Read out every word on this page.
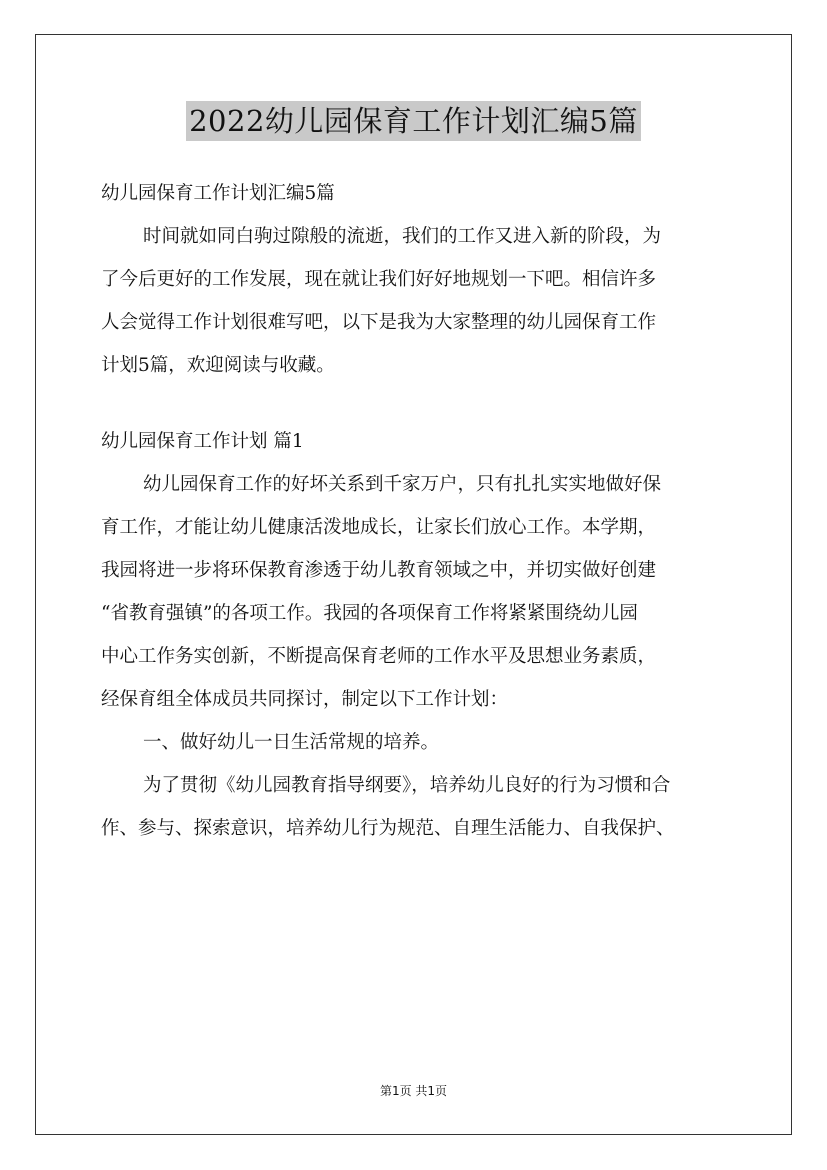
2022幼儿园保育工作计划汇编5篇

幼儿园保育工作计划汇编5篇

时间就如同白驹过隙般的流逝，我们的工作又进入新的阶段，为

了今后更好的工作发展，现在就让我们好好地规划一下吧。相信许多

人会觉得工作计划很难写吧，以下是我为大家整理的幼儿园保育工作

计划5篇，欢迎阅读与收藏。

幼儿园保育工作计划 篇1

幼儿园保育工作的好坏关系到千家万户，只有扎扎实实地做好保

育工作，才能让幼儿健康活泼地成长，让家长们放心工作。本学期，

我园将进一步将环保教育渗透于幼儿教育领域之中，并切实做好创建

“省教育强镇”的各项工作。我园的各项保育工作将紧紧围绕幼儿园

中心工作务实创新，不断提高保育老师的工作水平及思想业务素质，

经保育组全体成员共同探讨，制定以下工作计划：

一、做好幼儿一日生活常规的培养。

为了贯彻《幼儿园教育指导纲要》，培养幼儿良好的行为习惯和合

作、参与、探索意识，培养幼儿行为规范、自理生活能力、自我保护、

第1页 共1页
